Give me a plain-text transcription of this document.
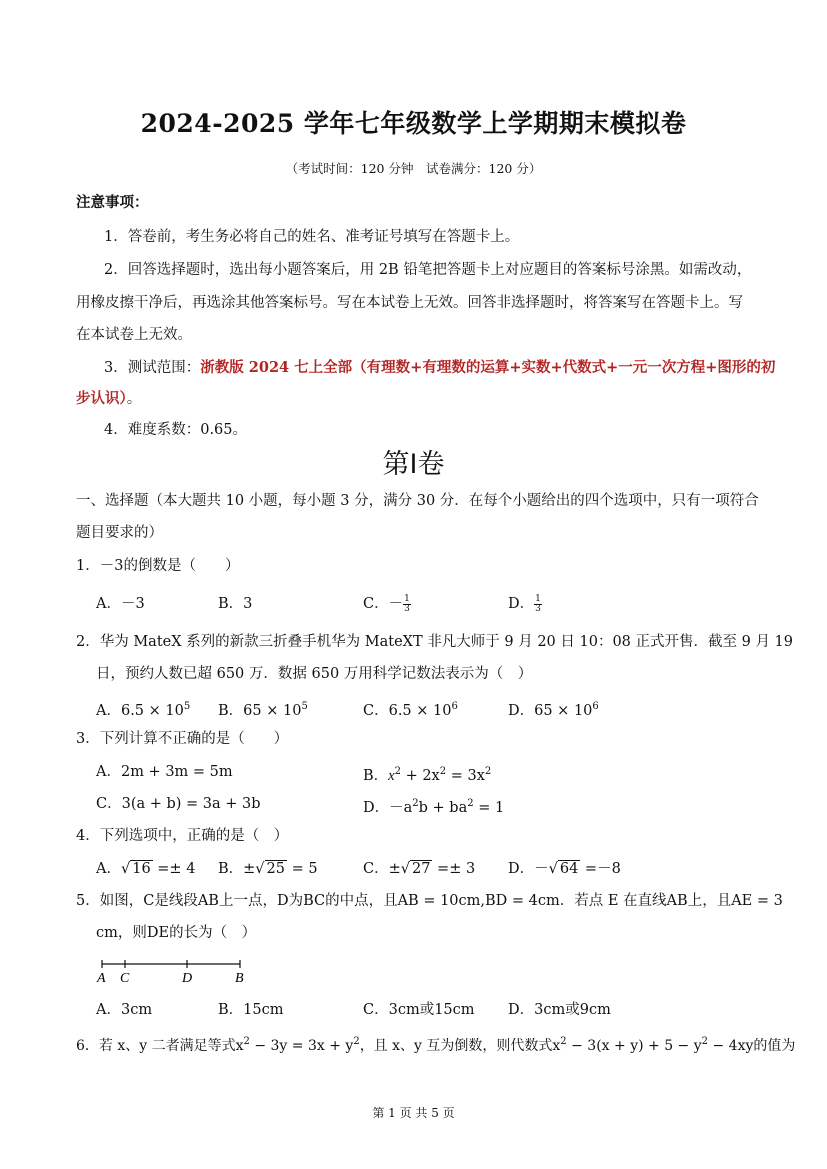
2024-2025 学年七年级数学上学期期末模拟卷
（考试时间：120 分钟　试卷满分：120 分）
注意事项：
1．答卷前，考生务必将自己的姓名、准考证号填写在答题卡上。
2．回答选择题时，选出每小题答案后，用 2B 铅笔把答题卡上对应题目的答案标号涂黑。如需改动，
用橡皮擦干净后，再选涂其他答案标号。写在本试卷上无效。回答非选择题时，将答案写在答题卡上。写
在本试卷上无效。
3．测试范围：浙教版 2024 七上全部（有理数+有理数的运算+实数+代数式+一元一次方程+图形的初
步认识）。
4．难度系数：0.65。
第Ⅰ卷
一、选择题（本大题共 10 小题，每小题 3 分，满分 30 分．在每个小题给出的四个选项中，只有一项符合
题目要求的）
1．－3的倒数是（　　）
A．－3	B．3	C．－ $\frac{1}{3}$	D． $\frac{1}{3}$
2．华为 MateX 系列的新款三折叠手机华为 MateXT 非凡大师于 9 月 20 日 10：08 正式开售．截至 9 月 19
日，预约人数已超 650 万．数据 650 万用科学记数法表示为（　）
A．$6.5 \times 10^5$ B．$65 \times 10^5$	C．$6.5 \times 10^6$	D．$65 \times 10^6$
3．下列计算不正确的是（　　）
A．2m + 3m = 5m	B．$x^2 + 2x^2 = 3x^2$
C．3(a + b) = 3a + 3b	D．$-a^2b + ba^2 = 1$
4．下列选项中，正确的是（　）
A．√ 16 =± 4 B．±√ 25 = 5	C．±√ 27 =± 3 D．－√ 64 =－8
5．如图，C是线段AB上一点，D为BC的中点，且AB = 10cm,BD = 4cm．若点 E 在直线AB上，且AE = 3
cm，则DE的长为（　）
A C	D	B
A．3cm	B．15cm	C．3cm或15cm D．3cm或9cm
6．若 x、y 二者满足等式$x^2 - 3y = 3x + y^2$，且 x、y 互为倒数，则代数式$x^2 - 3(x + y) + 5 - y^2 - 4xy$的值为
第 1 页 共 5 页
